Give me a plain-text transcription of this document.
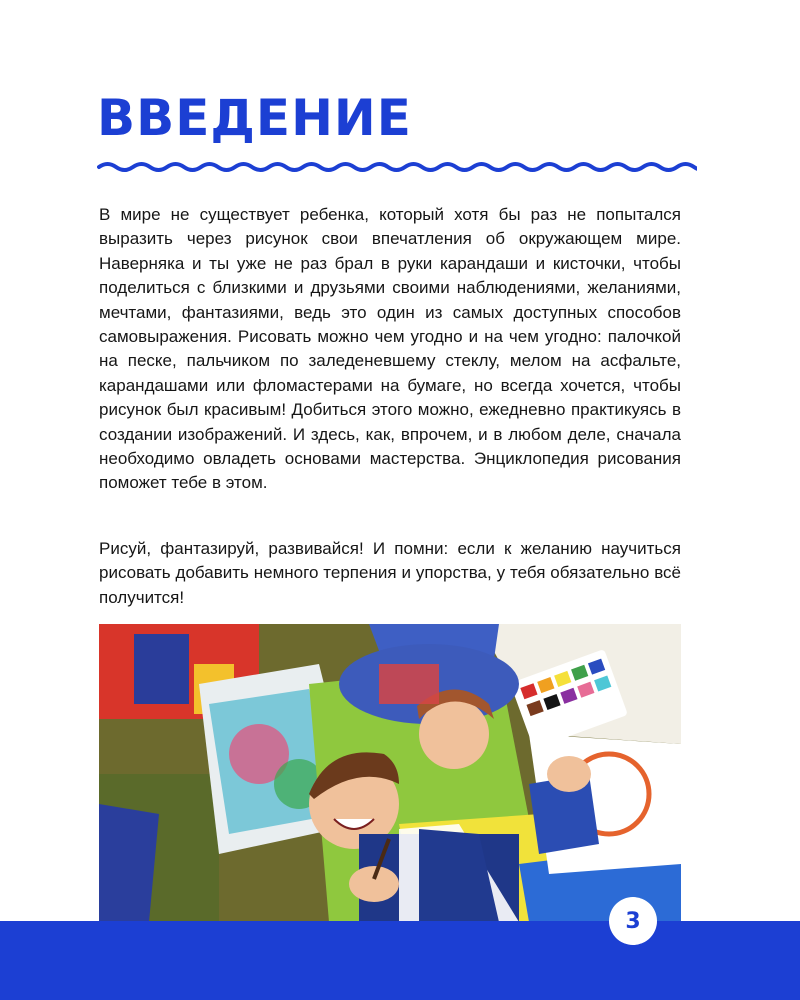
ВВЕДЕНИЕ

В мире не существует ребенка, который хотя бы раз не попытался выразить через рисунок свои впечатления об окружающем мире. Наверняка и ты уже не раз брал в руки карандаши и кисточки, чтобы поделиться с близкими и друзьями своими наблюдениями, желаниями, мечтами, фантазиями, ведь это один из самых доступных способов самовыражения. Рисовать можно чем угодно и на чем угодно: палочкой на песке, пальчиком по заледеневшему стеклу, мелом на асфальте, карандашами или фломастерами на бумаге, но всегда хочется, чтобы рисунок был красивым! Добиться этого можно, ежедневно практикуясь в создании изображений. И здесь, как, впрочем, и в любом деле, сначала необходимо овладеть основами мастерства. Энциклопедия рисования поможет тебе в этом.

Рисуй, фантазируй, развивайся! И помни: если к желанию научиться рисовать добавить немного терпения и упорства, у тебя обязательно всё получится!

3
